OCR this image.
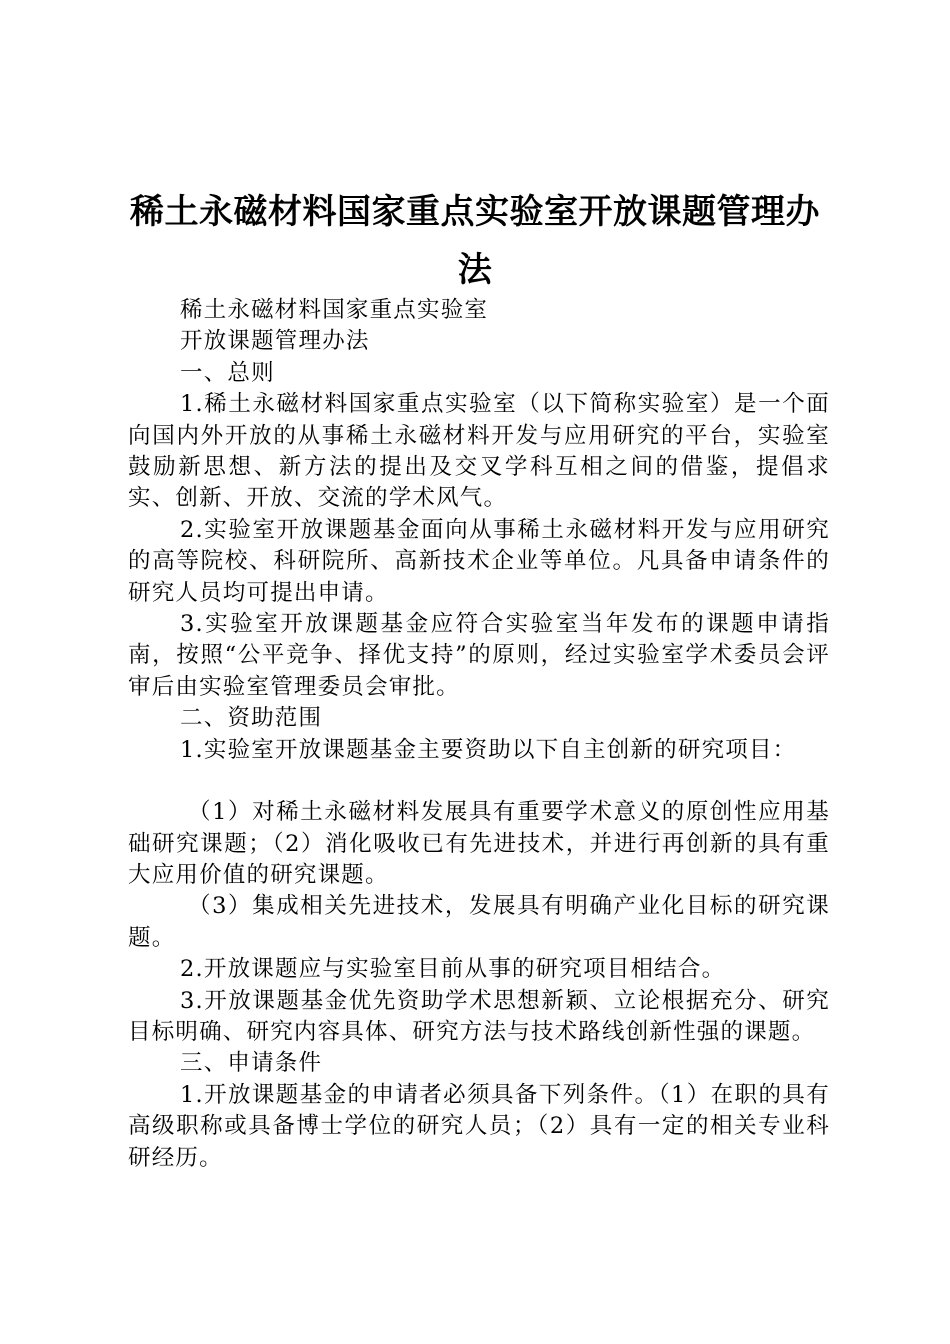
稀土永磁材料国家重点实验室开放课题管理办法

稀土永磁材料国家重点实验室

开放课题管理办法

一、总则

1.稀土永磁材料国家重点实验室（以下简称实验室）是一个面向国内外开放的从事稀土永磁材料开发与应用研究的平台，实验室鼓励新思想、新方法的提出及交叉学科互相之间的借鉴，提倡求实、创新、开放、交流的学术风气。

2.实验室开放课题基金面向从事稀土永磁材料开发与应用研究的高等院校、科研院所、高新技术企业等单位。凡具备申请条件的研究人员均可提出申请。

3.实验室开放课题基金应符合实验室当年发布的课题申请指南，按照“公平竞争、择优支持”的原则，经过实验室学术委员会评审后由实验室管理委员会审批。

二、资助范围

1.实验室开放课题基金主要资助以下自主创新的研究项目：

（1）对稀土永磁材料发展具有重要学术意义的原创性应用基础研究课题；（2）消化吸收已有先进技术，并进行再创新的具有重大应用价值的研究课题。

（3）集成相关先进技术，发展具有明确产业化目标的研究课题。

2.开放课题应与实验室目前从事的研究项目相结合。

3.开放课题基金优先资助学术思想新颖、立论根据充分、研究目标明确、研究内容具体、研究方法与技术路线创新性强的课题。

三、申请条件

1.开放课题基金的申请者必须具备下列条件。（1）在职的具有高级职称或具备博士学位的研究人员；（2）具有一定的相关专业科研经历。
